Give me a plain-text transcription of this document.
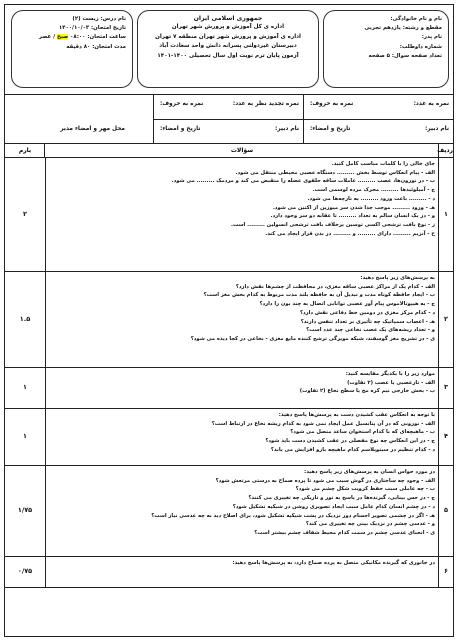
نام و نام خانوادگی:
مقطع و رشته: یازدهم تجربی
نام پدر:
شماره داوطلب:
تعداد صفحه سوال: ۵ صفحه
جمهوری اسلامی ایران
اداره ی کل آموزش و پرورش شهر تهران
اداره ی آموزش و پرورش شهر تهران منطقه ۷ تهران
دبیرستان غیردولتی پسرانه دانش واحد سعادت آباد
آزمون پایان ترم نوبت اول سال تحصیلی ۱۴۰۰-۱۴۰۱
نام درس: زیست (۲)
تاریخ امتحان: ۱۴۰۰/۱۰/۰۳
ساعت امتحان: ۰۸:۰۰ صبح / عصر
مدت امتحان: ۸۰ دقیقه
نمره به عدد:
نمره به حروف:
نام دبیر:
تاریخ و امضاء:
نمره تجدید نظر به عدد:
نمره به حروف:
نام دبیر:
تاریخ و امضاء:
محل مهر و امضاء مدیر
ردیف
سؤالات
بارم
۱
جای خالی را با کلمات مناسب کامل کنید.
الف - پیام انعکاس توسط بخش ......... دستگاه عصبی محیطی منتقل می شود.
ب - در نورون‌ها، عصب ......... عاملات ساقه حلقوی عضله را منقبض می کند و مردمک ......... می شود.
ج - آمیلوئیدها ......... محرک مرده لوسمی است.
د - ......... باعث ورود ......... به تارچه‌ها می شود.
هـ - ورود ......... موجب جدا شدن سر میوزین از اکتین می شود.
و - در یک انسان سالم به تعداد ......... تا عقابه دو سر وجود دارد.
ز - نوع بافت ترشحی اکسی توسین برخلاف بافت ترشحی انسولین ......... است.
ح - آنزیم ......... دارای ......... و ......... در بدن قرار ایجاد می کند.
۲
۲
به پرسش‌های زیر پاسخ دهید:
الف - کدام یک از مراکز عصبی ساقه مغزی، در محافظت از چشم‌ها نقش دارد؟
ب - ایجاد حافظه کوتاه مدت و تبدیل آن به حافظه بلند مدت مربوط به کدام بخش مغز است؟
ج - به هیپوتالاموس پیام آور عصبی توانایی اتصال به چند یون را دارد؟
د - کدام مرکز مغزی در دومین خط دفاعی نقش دارد؟
هـ - اعصاب سمپاتیک چه تأثیری بر تعداد تنفس دارند؟
و - تعداد ریشه‌های یک عصب نخاعی چند عدد است؟
ی - در تشریح مغز گوسفند، شبکه مویرگی ترشح کننده مایع مغزی - نخاعی در کجا دیده می شود؟
۱.۵
۳
موارد زیر را با یکدیگر مقایسه کنید:
الف - تارعصبی یا عصب (۲ تفاوت)
ب - بخش خارجی نیم کره مخ یا سطح نخاع (۲ تفاوت)
۱
۴
با توجه به انعکاس عقب کشیدن دست به پرسش‌ها پاسخ دهید:
الف - نورونی که در آن پتانسیل عمل ایجاد نمی شود به کدام ریشه نخاع در ارتباط است؟
ب - ماهیچه‌ای که با کدام استخوان ساعد متصل می شود؟
ج - در این انعکاس چه نوع مفصلی در عقب کشیدن دست باید شود؟
د - کدام تنظیم در سیتوپلاسم کدام ماهیچه بازو افزایش می یابد؟
۱
۵
در مورد حواس انسان به پرسش‌های زیر پاسخ دهید:
الف - وجود چه ساختاری در گوش سبب می شود تا پرده صماخ به درستی مرتعش شود؟
ب - چه عاملی سبب حفظ کرویت شکل چشم می شود؟
ج - در حس بینایی، گیرنده‌ها در پاسخ به نور و تاریکی چه تغییری می کنند؟
د - در چشم انسان کدام عامل سبب ایجاد تصویری روشن در شبکیه تشکیل شود؟
هـ - اگر در چشمی تصویر اجسام دور نزدیک در پشت شبکیه تشکیل شود، برای اصلاح دید به چه عدسی نیاز است؟
و - عدسی چشم در نزدیک بینی چه تغییری می کند؟
ی - انحنای عدسی چشم در سمت کدام محیط شفاف چشم بیشتر است؟
۱/۷۵
۶
در جانوری که گیرنده مکانیکی متصل به پرده صماخ دارد، به پرسش‌ها پاسخ دهید:
۰/۷۵
